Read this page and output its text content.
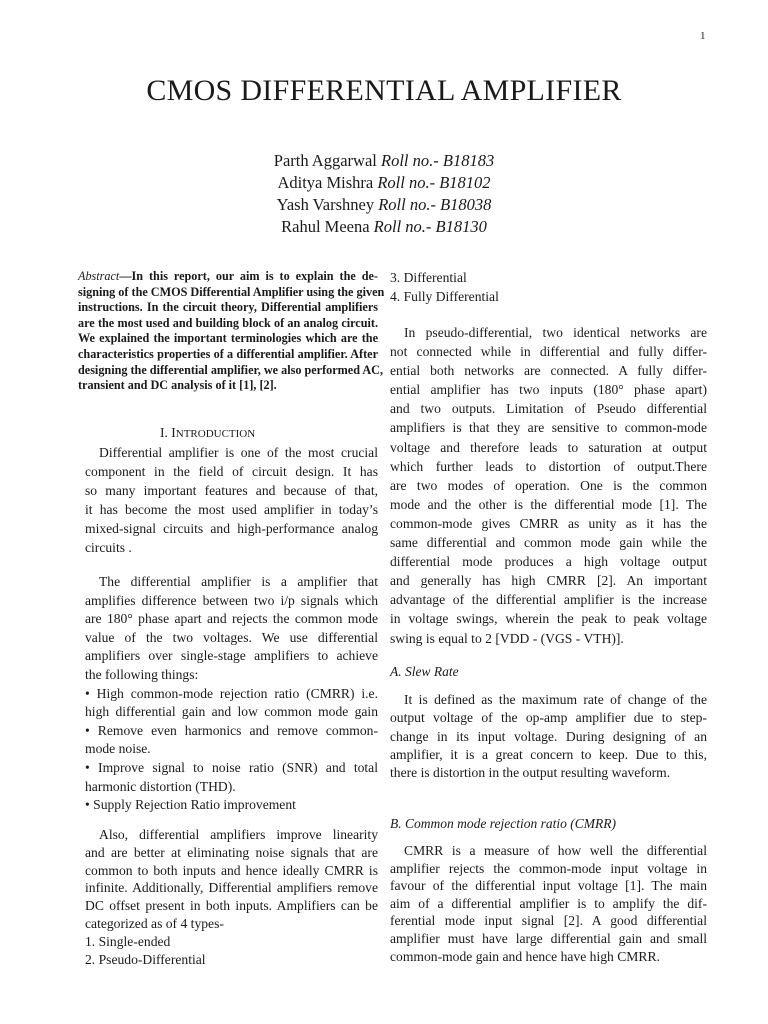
1
CMOS DIFFERENTIAL AMPLIFIER
Parth Aggarwal Roll no.- B18183
Aditya Mishra Roll no.- B18102
Yash Varshney Roll no.- B18038
Rahul Meena Roll no.- B18130
Abstract—In this report, our aim is to explain the de-
signing of the CMOS Differential Amplifier using the given
instructions. In the circuit theory, Differential amplifiers
are the most used and building block of an analog circuit.
We explained the important terminologies which are the
characteristics properties of a differential amplifier. After
designing the differential amplifier, we also performed AC,
transient and DC analysis of it [1], [2].
I. INTRODUCTION
Differential amplifier is one of the most crucial
component in the field of circuit design. It has
so many important features and because of that,
it has become the most used amplifier in today’s
mixed-signal circuits and high-performance analog
circuits .
The differential amplifier is a amplifier that
amplifies difference between two i/p signals which
are 180° phase apart and rejects the common mode
value of the two voltages. We use differential
amplifiers over single-stage amplifiers to achieve
the following things:
• High common-mode rejection ratio (CMRR) i.e.
high differential gain and low common mode gain
• Remove even harmonics and remove common-
mode noise.
• Improve signal to noise ratio (SNR) and total
harmonic distortion (THD).
• Supply Rejection Ratio improvement
Also, differential amplifiers improve linearity
and are better at eliminating noise signals that are
common to both inputs and hence ideally CMRR is
infinite. Additionally, Differential amplifiers remove
DC offset present in both inputs. Amplifiers can be
categorized as of 4 types-
1. Single-ended
2. Pseudo-Differential
3. Differential
4. Fully Differential
In pseudo-differential, two identical networks are
not connected while in differential and fully differ-
ential both networks are connected. A fully differ-
ential amplifier has two inputs (180° phase apart)
and two outputs. Limitation of Pseudo differential
amplifiers is that they are sensitive to common-mode
voltage and therefore leads to saturation at output
which further leads to distortion of output.There
are two modes of operation. One is the common
mode and the other is the differential mode [1]. The
common-mode gives CMRR as unity as it has the
same differential and common mode gain while the
differential mode produces a high voltage output
and generally has high CMRR [2]. An important
advantage of the differential amplifier is the increase
in voltage swings, wherein the peak to peak voltage
swing is equal to 2 [VDD - (VGS - VTH)].
A. Slew Rate
It is defined as the maximum rate of change of the
output voltage of the op-amp amplifier due to step-
change in its input voltage. During designing of an
amplifier, it is a great concern to keep. Due to this,
there is distortion in the output resulting waveform.
B. Common mode rejection ratio (CMRR)
CMRR is a measure of how well the differential
amplifier rejects the common-mode input voltage in
favour of the differential input voltage [1]. The main
aim of a differential amplifier is to amplify the dif-
ferential mode input signal [2]. A good differential
amplifier must have large differential gain and small
common-mode gain and hence have high CMRR.
